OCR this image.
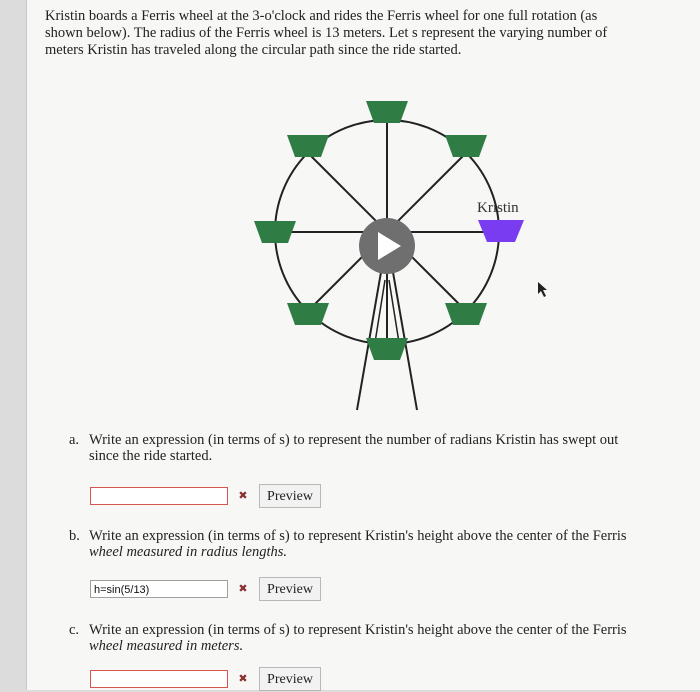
Kristin boards a Ferris wheel at the 3-o'clock and rides the Ferris wheel for one full rotation (as
shown below). The radius of the Ferris wheel is 13 meters. Let s represent the varying number of
meters Kristin has traveled along the circular path since the ride started.
Kristin
a. Write an expression (in terms of s) to represent the number of radians Kristin has swept out
since the ride started.
✖	Preview
b. Write an expression (in terms of s) to represent Kristin's height above the center of the Ferris
wheel measured in radius lengths.
h=sin(5/13)	✖	Preview
c. Write an expression (in terms of s) to represent Kristin's height above the center of the Ferris
wheel measured in meters.
✖	Preview
